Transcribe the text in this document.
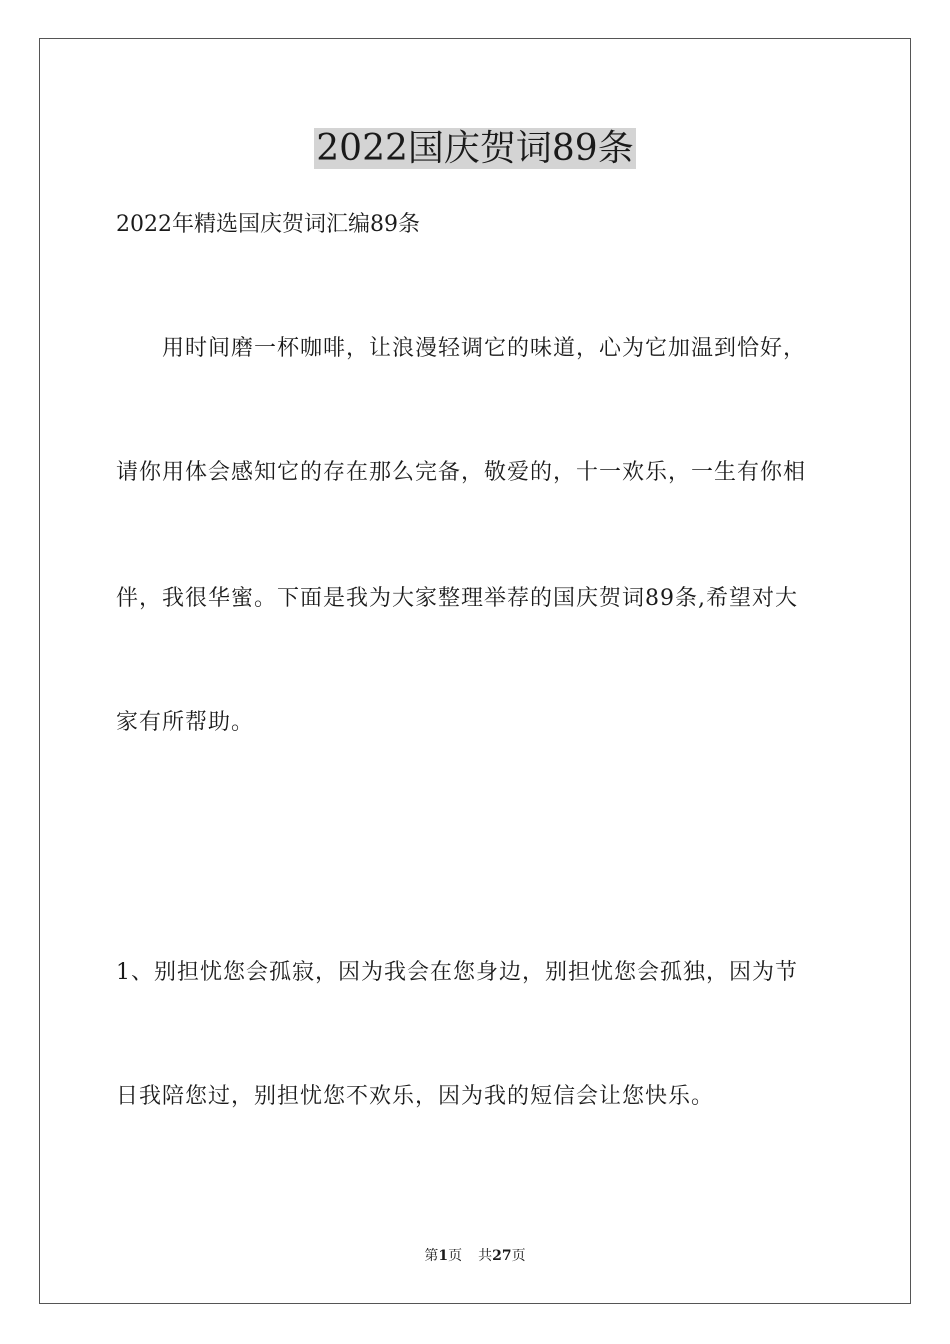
2022国庆贺词89条

2022年精选国庆贺词汇编89条

用时间磨一杯咖啡，让浪漫轻调它的味道，心为它加温到恰好，

请你用体会感知它的存在那么完备，敬爱的，十一欢乐，一生有你相

伴，我很华蜜。下面是我为大家整理举荐的国庆贺词89条,希望对大

家有所帮助。

1、别担忧您会孤寂，因为我会在您身边，别担忧您会孤独，因为节

日我陪您过，别担忧您不欢乐，因为我的短信会让您快乐。

第1页 共27页
